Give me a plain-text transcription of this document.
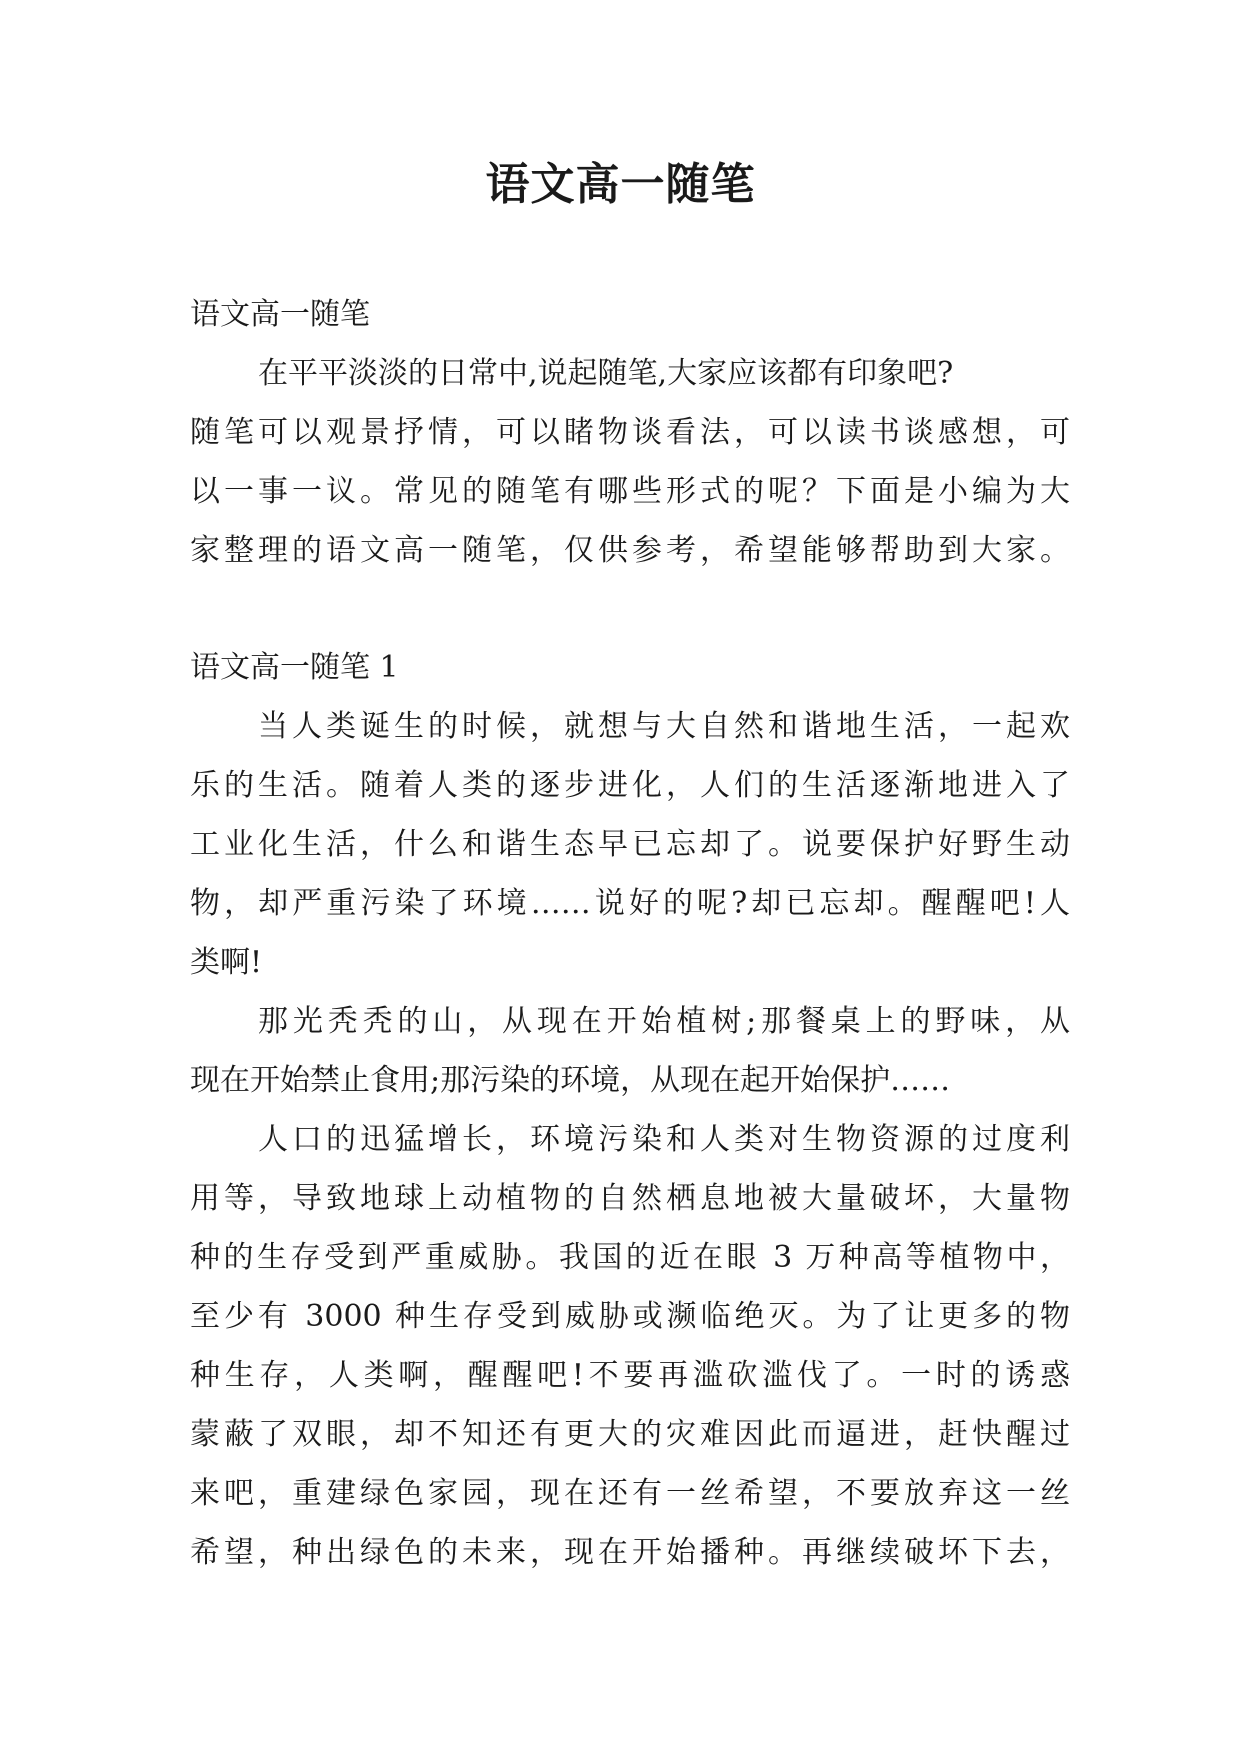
语文高一随笔
语文高一随笔
在平平淡淡的日常中,说起随笔,大家应该都有印象吧?
随笔可以观景抒情，可以睹物谈看法，可以读书谈感想，可
以一事一议。常见的随笔有哪些形式的呢？下面是小编为大
家整理的语文高一随笔，仅供参考，希望能够帮助到大家。
语文高一随笔 1
当人类诞生的时候，就想与大自然和谐地生活，一起欢
乐的生活。随着人类的逐步进化，人们的生活逐渐地进入了
工业化生活，什么和谐生态早已忘却了。说要保护好野生动
物，却严重污染了环境……说好的呢?却已忘却。醒醒吧!人
类啊!
那光秃秃的山，从现在开始植树;那餐桌上的野味，从
现在开始禁止食用;那污染的环境，从现在起开始保护……
人口的迅猛增长，环境污染和人类对生物资源的过度利
用等，导致地球上动植物的自然栖息地被大量破坏，大量物
种的生存受到严重威胁。我国的近在眼 3 万种高等植物中，
至少有 3000 种生存受到威胁或濒临绝灭。为了让更多的物
种生存，人类啊，醒醒吧!不要再滥砍滥伐了。一时的诱惑
蒙蔽了双眼，却不知还有更大的灾难因此而逼进，赶快醒过
来吧，重建绿色家园，现在还有一丝希望，不要放弃这一丝
希望，种出绿色的未来，现在开始播种。再继续破坏下去，
